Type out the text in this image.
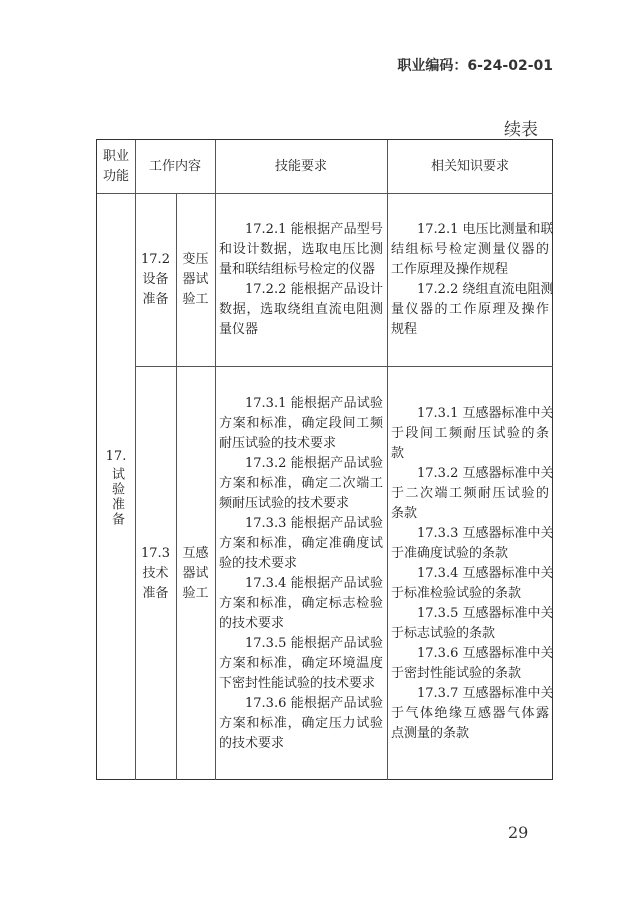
职业编码：6-24-02-01
续表
职业
功能
工作内容	技能要求	相关知识要求
17.
试验准备
17.2
设备
准备
变压
器试
验工
17.2.1 能根据产品型号
和设计数据，选取电压比测
量和联结组标号检定的仪器
17.2.2 能根据产品设计
数据，选取绕组直流电阻测
量仪器
17.2.1 电压比测量和联
结组标号检定测量仪器的
工作原理及操作规程
17.2.2 绕组直流电阻测
量仪器的工作原理及操作
规程
17.3
技术
准备
互感
器试
验工
17.3.1 能根据产品试验
方案和标准，确定段间工频
耐压试验的技术要求
17.3.2 能根据产品试验
方案和标准，确定二次端工
频耐压试验的技术要求
17.3.3 能根据产品试验
方案和标准，确定准确度试
验的技术要求
17.3.4 能根据产品试验
方案和标准，确定标志检验
的技术要求
17.3.5 能根据产品试验
方案和标准，确定环境温度
下密封性能试验的技术要求
17.3.6 能根据产品试验
方案和标准，确定压力试验
的技术要求
17.3.1 互感器标准中关
于段间工频耐压试验的条
款
17.3.2 互感器标准中关
于二次端工频耐压试验的
条款
17.3.3 互感器标准中关
于准确度试验的条款
17.3.4 互感器标准中关
于标准检验试验的条款
17.3.5 互感器标准中关
于标志试验的条款
17.3.6 互感器标准中关
于密封性能试验的条款
17.3.7 互感器标准中关
于气体绝缘互感器气体露
点测量的条款
29
